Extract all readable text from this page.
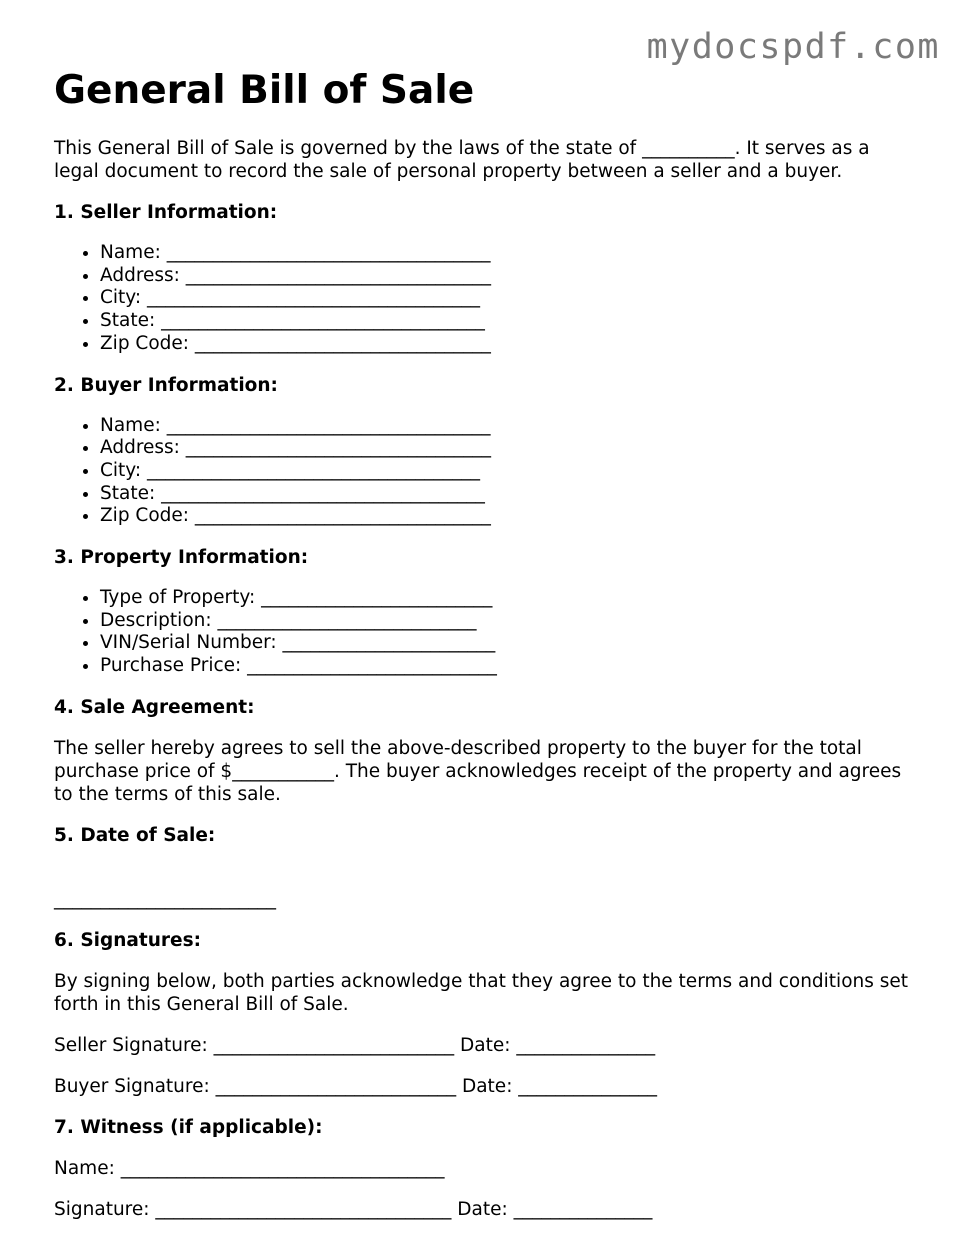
mydocspdf.com
General Bill of Sale

This General Bill of Sale is governed by the laws of the state of __________. It serves as a legal document to record the sale of personal property between a seller and a buyer.

1. Seller Information:
• Name: ___________________________________
• Address: _________________________________
• City: ____________________________________
• State: ___________________________________
• Zip Code: ________________________________
2. Buyer Information:
• Name: ___________________________________
• Address: _________________________________
• City: ____________________________________
• State: ___________________________________
• Zip Code: ________________________________
3. Property Information:
• Type of Property: _________________________
• Description: ____________________________
• VIN/Serial Number: _______________________
• Purchase Price: ___________________________
4. Sale Agreement:

The seller hereby agrees to sell the above-described property to the buyer for the total purchase price of $___________. The buyer acknowledges receipt of the property and agrees to the terms of this sale.

5. Date of Sale:
________________________
6. Signatures:

By signing below, both parties acknowledge that they agree to the terms and conditions set forth in this General Bill of Sale.

Seller Signature: __________________________ Date: _______________
Buyer Signature: __________________________ Date: _______________
7. Witness (if applicable):
Name: ___________________________________
Signature: ________________________________ Date: _______________
